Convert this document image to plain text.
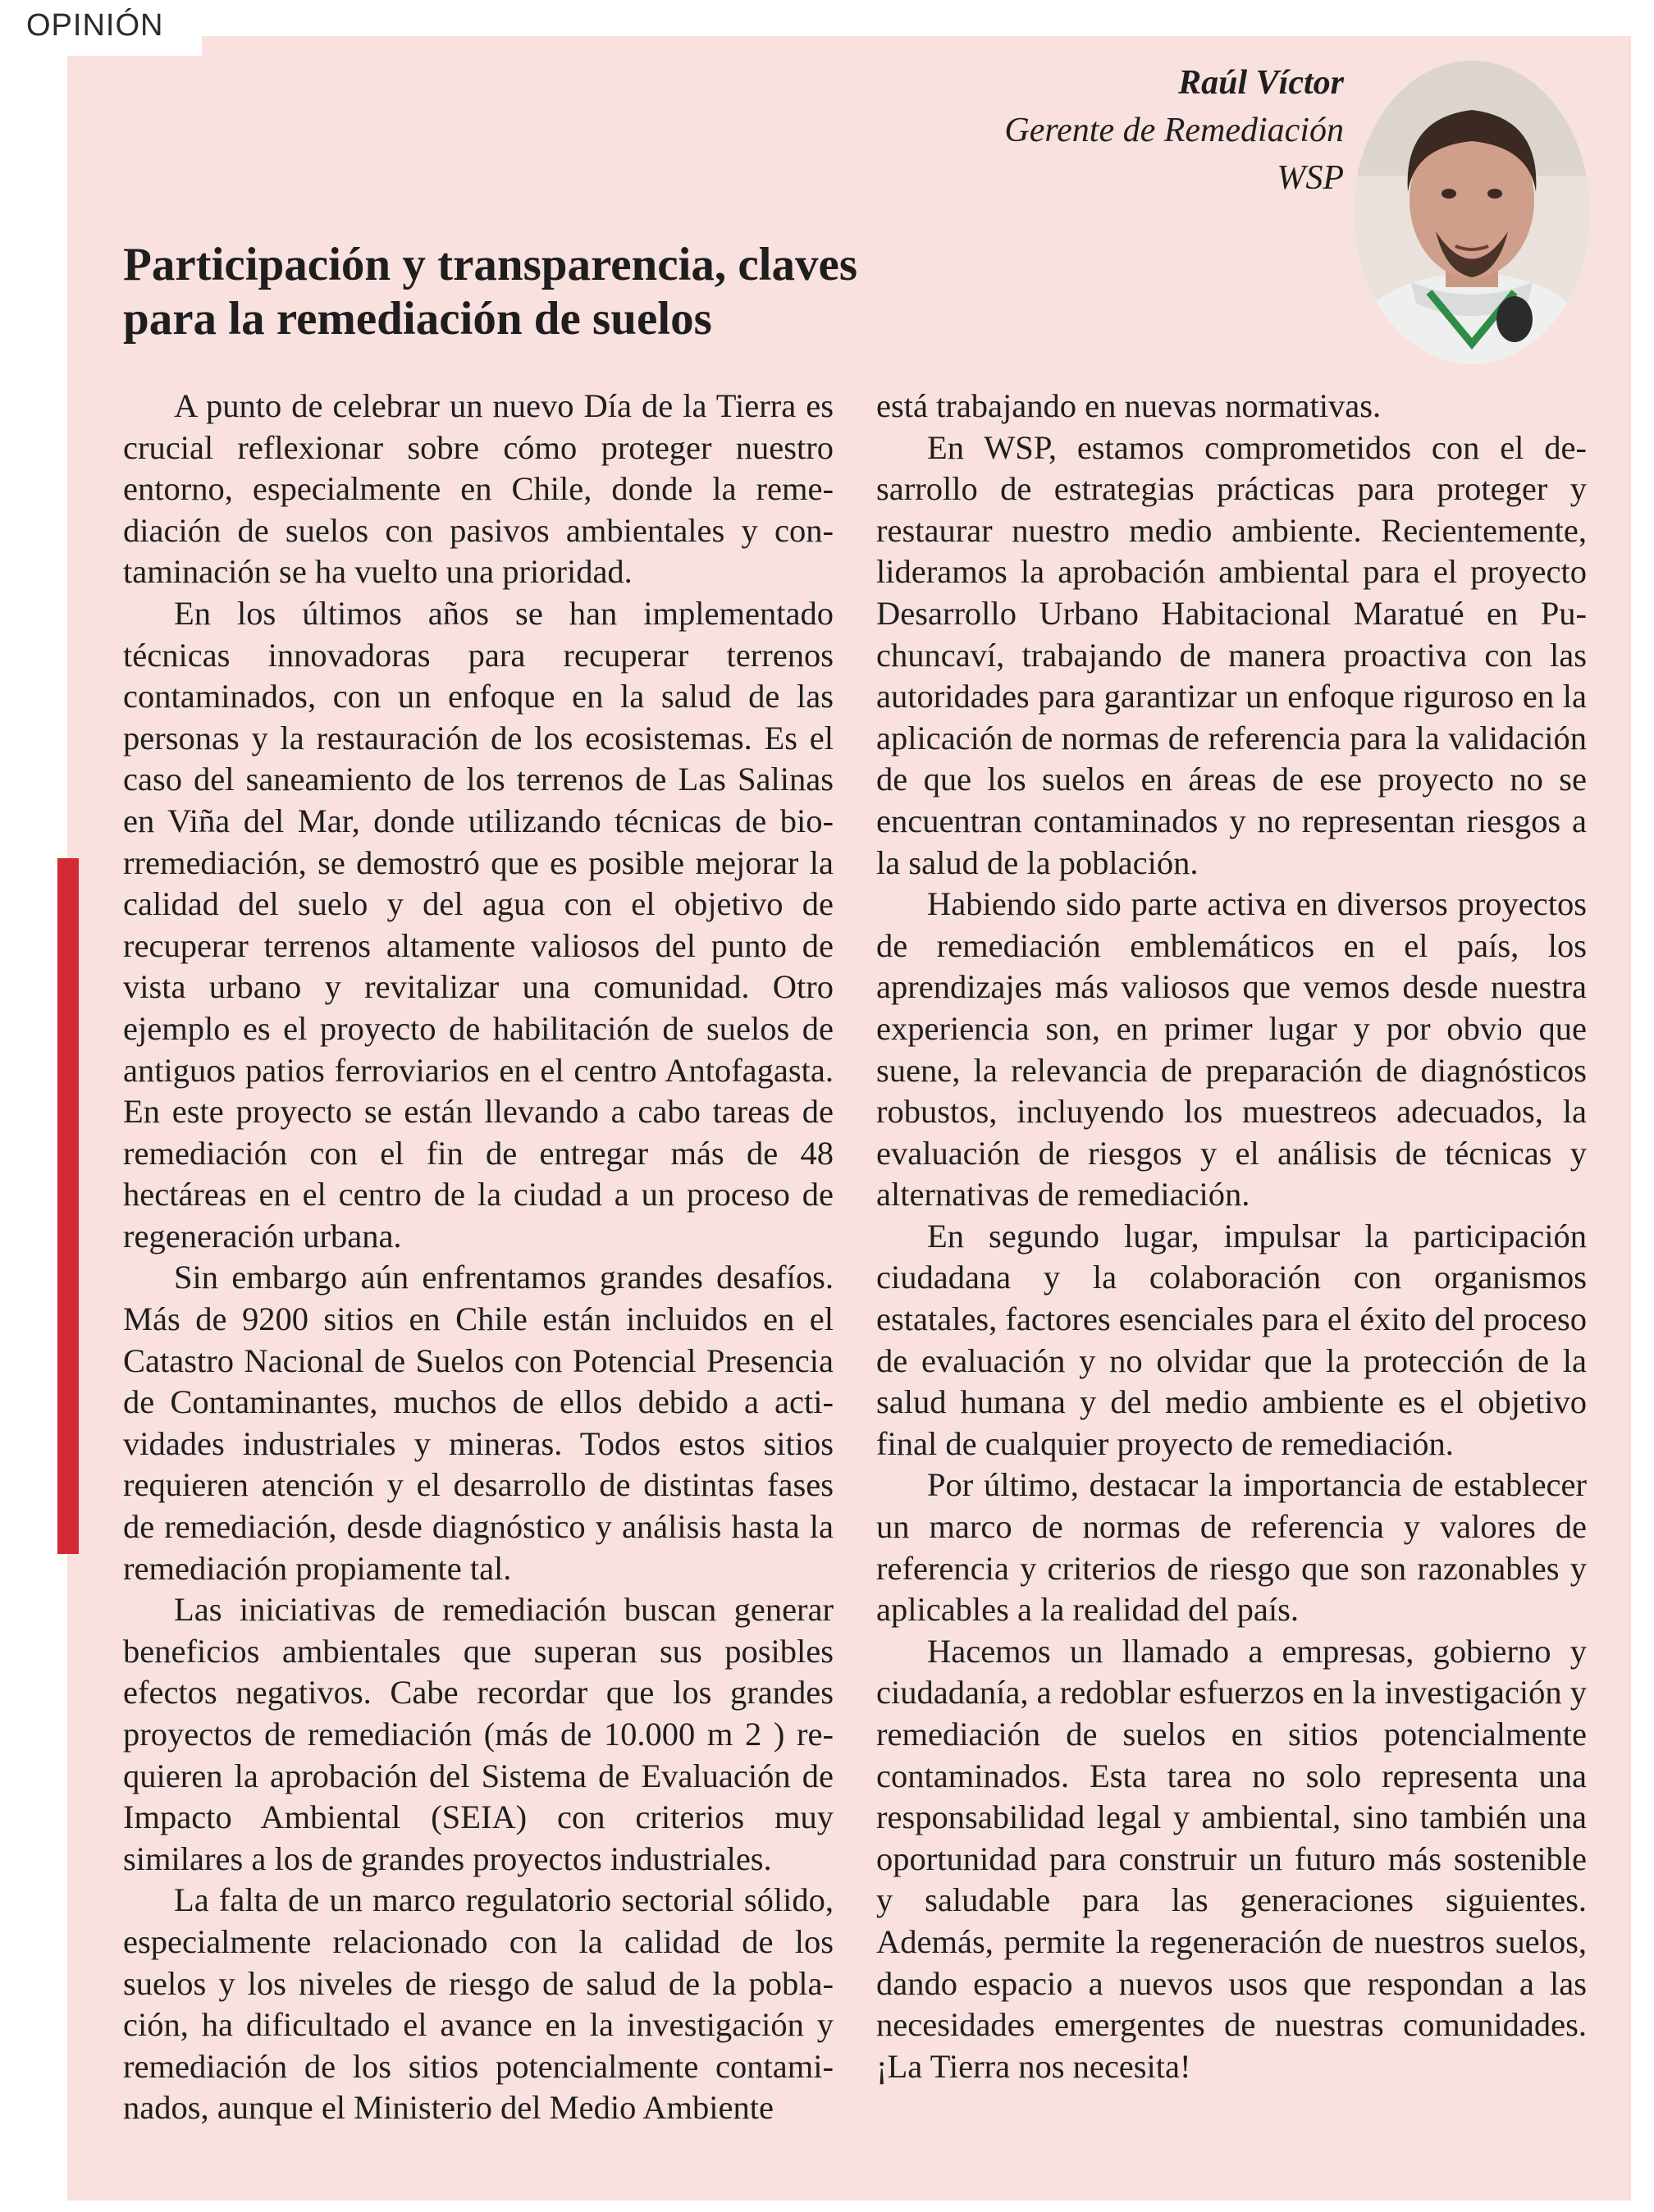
OPINIÓN
Raúl Víctor
Gerente de Remediación
WSP
Participación y transparencia, claves
para la remediación de suelos

A punto de celebrar un nuevo Día de la Tierra es crucial reflexionar sobre cómo proteger nuestro entorno, especialmente en Chile, donde la remediación de suelos con pasivos ambientales y contaminación se ha vuelto una prioridad.

En los últimos años se han implementado técnicas innovadoras para recuperar terrenos contaminados, con un enfoque en la salud de las personas y la restauración de los ecosistemas. Es el caso del saneamiento de los terrenos de Las Salinas en Viña del Mar, donde utilizando técnicas de biorremediación, se demostró que es posible mejorar la calidad del suelo y del agua con el objetivo de recuperar terrenos altamente valiosos del punto de vista urbano y revitalizar una comunidad. Otro ejemplo es el proyecto de habilitación de suelos de antiguos patios ferroviarios en el centro Antofagasta. En este proyecto se están llevando a cabo tareas de remediación con el fin de entregar más de 48 hectáreas en el centro de la ciudad a un proceso de regeneración urbana.

Sin embargo aún enfrentamos grandes desafíos. Más de 9200 sitios en Chile están incluidos en el Catastro Nacional de Suelos con Potencial Presencia de Contaminantes, muchos de ellos debido a actividades industriales y mineras. Todos estos sitios requieren atención y el desarrollo de distintas fases de remediación, desde diagnóstico y análisis hasta la remediación propiamente tal.

Las iniciativas de remediación buscan generar beneficios ambientales que superan sus posibles efectos negativos. Cabe recordar que los grandes proyectos de remediación (más de 10.000 m 2 ) requieren la aprobación del Sistema de Evaluación de Impacto Ambiental (SEIA) con criterios muy similares a los de grandes proyectos industriales.

La falta de un marco regulatorio sectorial sólido, especialmente relacionado con la calidad de los suelos y los niveles de riesgo de salud de la población, ha dificultado el avance en la investigación y remediación de los sitios potencialmente contaminados, aunque el Ministerio del Medio Ambiente

está trabajando en nuevas normativas.

En WSP, estamos comprometidos con el desarrollo de estrategias prácticas para proteger y restaurar nuestro medio ambiente. Recientemente, lideramos la aprobación ambiental para el proyecto Desarrollo Urbano Habitacional Maratué en Puchuncaví, trabajando de manera proactiva con las autoridades para garantizar un enfoque riguroso en la aplicación de normas de referencia para la validación de que los suelos en áreas de ese proyecto no se encuentran contaminados y no representan riesgos a la salud de la población.

Habiendo sido parte activa en diversos proyectos de remediación emblemáticos en el país, los aprendizajes más valiosos que vemos desde nuestra experiencia son, en primer lugar y por obvio que suene, la relevancia de preparación de diagnósticos robustos, incluyendo los muestreos adecuados, la evaluación de riesgos y el análisis de técnicas y alternativas de remediación.

En segundo lugar, impulsar la participación ciudadana y la colaboración con organismos estatales, factores esenciales para el éxito del proceso de evaluación y no olvidar que la protección de la salud humana y del medio ambiente es el objetivo final de cualquier proyecto de remediación.

Por último, destacar la importancia de establecer un marco de normas de referencia y valores de referencia y criterios de riesgo que son razonables y aplicables a la realidad del país.

Hacemos un llamado a empresas, gobierno y ciudadanía, a redoblar esfuerzos en la investigación y remediación de suelos en sitios potencialmente contaminados. Esta tarea no solo representa una responsabilidad legal y ambiental, sino también una oportunidad para construir un futuro más sostenible y saludable para las generaciones siguientes. Además, permite la regeneración de nuestros suelos, dando espacio a nuevos usos que respondan a las necesidades emergentes de nuestras comunidades. ¡La Tierra nos necesita!
